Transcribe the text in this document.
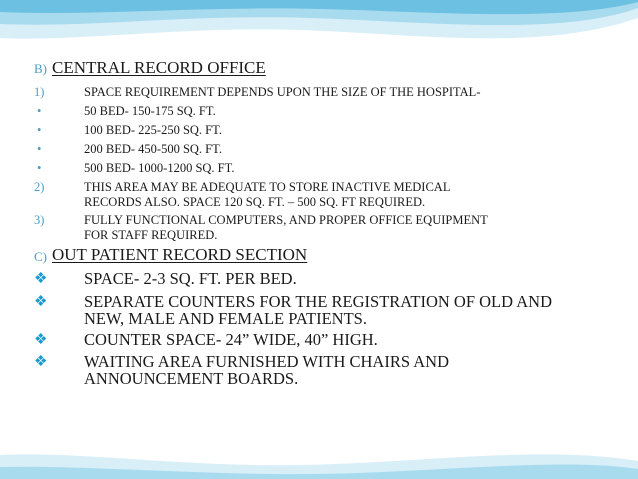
B) CENTRAL RECORD OFFICE
1)	SPACE REQUIREMENT DEPENDS UPON THE SIZE OF THE HOSPITAL-
•	50 BED- 150-175 SQ. FT.
•	100 BED- 225-250 SQ. FT.
•	200 BED- 450-500 SQ. FT.
•	500 BED- 1000-1200 SQ. FT.
2)	THIS AREA MAY BE ADEQUATE TO STORE INACTIVE MEDICAL
RECORDS ALSO. SPACE 120 SQ. FT. – 500 SQ. FT REQUIRED.
3)	FULLY FUNCTIONAL COMPUTERS, AND PROPER OFFICE EQUIPMENT
FOR STAFF REQUIRED.
C) OUT PATIENT RECORD SECTION
❖ SPACE- 2-3 SQ. FT. PER BED.
❖ SEPARATE COUNTERS FOR THE REGISTRATION OF OLD AND
NEW, MALE AND FEMALE PATIENTS.
❖ COUNTER SPACE- 24” WIDE, 40” HIGH.
❖ WAITING AREA FURNISHED WITH CHAIRS AND
ANNOUNCEMENT BOARDS.
